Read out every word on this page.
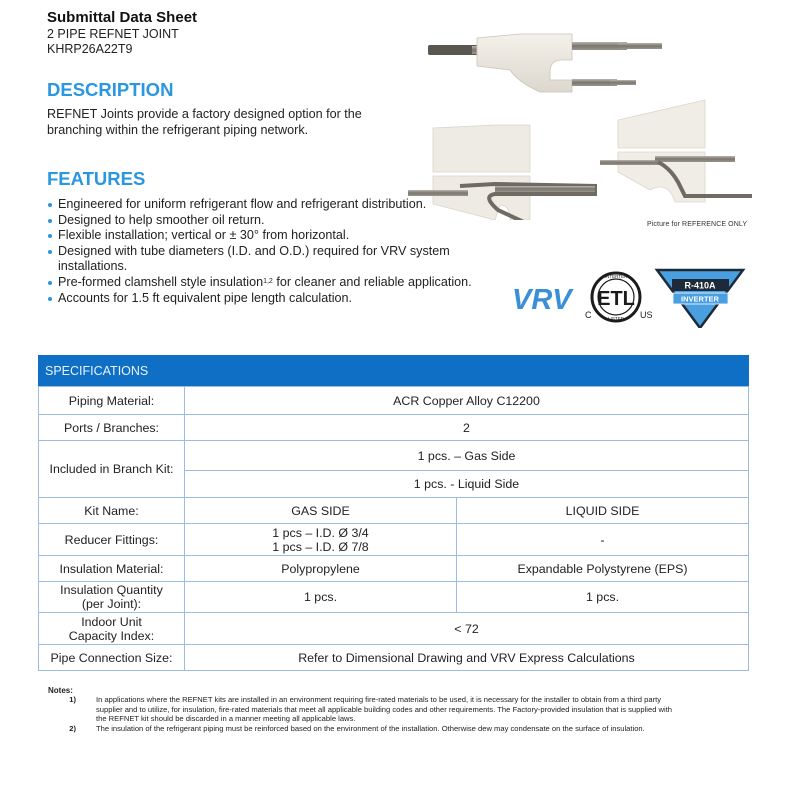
Submittal Data Sheet
2 PIPE REFNET JOINT
KHRP26A22T9
DESCRIPTION
REFNET Joints provide a factory designed option for the branching within the refrigerant piping network.
FEATURES
Engineered for uniform refrigerant flow and refrigerant distribution.
Designed to help smoother oil return.
Flexible installation; vertical or ± 30° from horizontal.
Designed with tube diameters (I.D. and O.D.) required for VRV system installations.
Pre-formed clamshell style insulation$^{1,2}$ for cleaner and reliable application.
Accounts for 1.5 ft equivalent pipe length calculation.
Picture for REFERENCE ONLY
VRV ETL
INTERTEK
LISTED
C	US
R-410A
INVERTER
SPECIFICATIONS
Piping Material:	ACR Copper Alloy C12200
Ports / Branches:	2
Included in Branch Kit:
1 pcs. – Gas Side
1 pcs. - Liquid Side
Kit Name:	GAS SIDE	LIQUID SIDE
Reducer Fittings:	1 pcs – I.D. Ø 3/4
1 pcs – I.D. Ø 7/8	-
Insulation Material:	Polypropylene	Expandable Polystyrene (EPS)
Insulation Quantity
(per Joint):	1 pcs.	1 pcs.
Indoor Unit
Capacity Index:	< 72
Pipe Connection Size:	Refer to Dimensional Drawing and VRV Express Calculations
Notes:
1)	In applications where the REFNET kits are installed in an environment requiring fire-rated materials to be used, it is necessary for the installer to obtain from a third party supplier and to utilize, for insulation, fire-rated materials that meet all applicable building codes and other requirements. The Factory-provided insulation that is supplied with the REFNET kit should be discarded in a manner meeting all applicable laws.
2)	The insulation of the refrigerant piping must be reinforced based on the environment of the installation. Otherwise dew may condensate on the surface of insulation.
